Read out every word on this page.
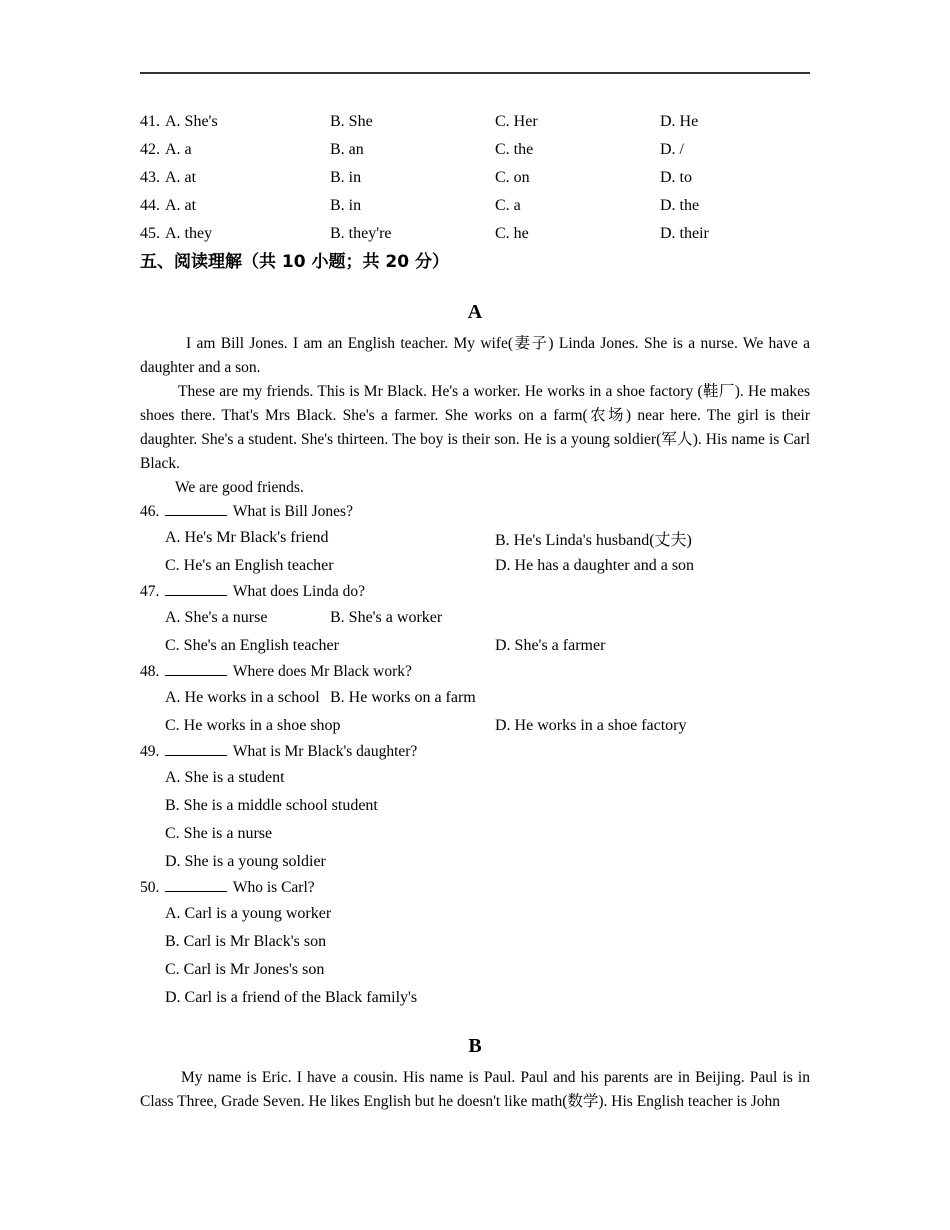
41. A. She's	B. She	C. Her	D. He
42. A. a	B. an	C. the	D. /
43. A. at	B. in	C. on	D. to
44. A. at	B. in	C. a	D. the
45. A. they	B. they're	C. he	D. their
五、阅读理解（共 10 小题；共 20 分）
A
I am Bill Jones. I am an English teacher. My wife(妻子) Linda Jones. She is a nurse. We have a daughter and a son.
These are my friends. This is Mr Black. He's a worker. He works in a shoe factory (鞋厂). He makes shoes there. That's Mrs Black. She's a farmer. She works on a farm(农场) near here. The girl is their daughter. She's a student. She's thirteen. The boy is their son. He is a young soldier(军人). His name is Carl Black.
We are good friends.
46.	What is Bill Jones?
A. He's Mr Black's friend	B. He's Linda's husband(丈夫)
C. He's an English teacher	D. He has a daughter and a son
47.	What does Linda do?
A. She's a nurse	B. She's a worker
C. She's an English teacher	D. She's a farmer
48.	Where does Mr Black work?
A. He works in a school B. He works on a farm
C. He works in a shoe shop	D. He works in a shoe factory
49.	What is Mr Black's daughter?
A. She is a student
B. She is a middle school student
C. She is a nurse
D. She is a young soldier
50.	Who is Carl?
A. Carl is a young worker
B. Carl is Mr Black's son
C. Carl is Mr Jones's son
D. Carl is a friend of the Black family's
B
My name is Eric. I have a cousin. His name is Paul. Paul and his parents are in Beijing. Paul is in Class Three, Grade Seven. He likes English but he doesn't like math(数学). His English teacher is John
